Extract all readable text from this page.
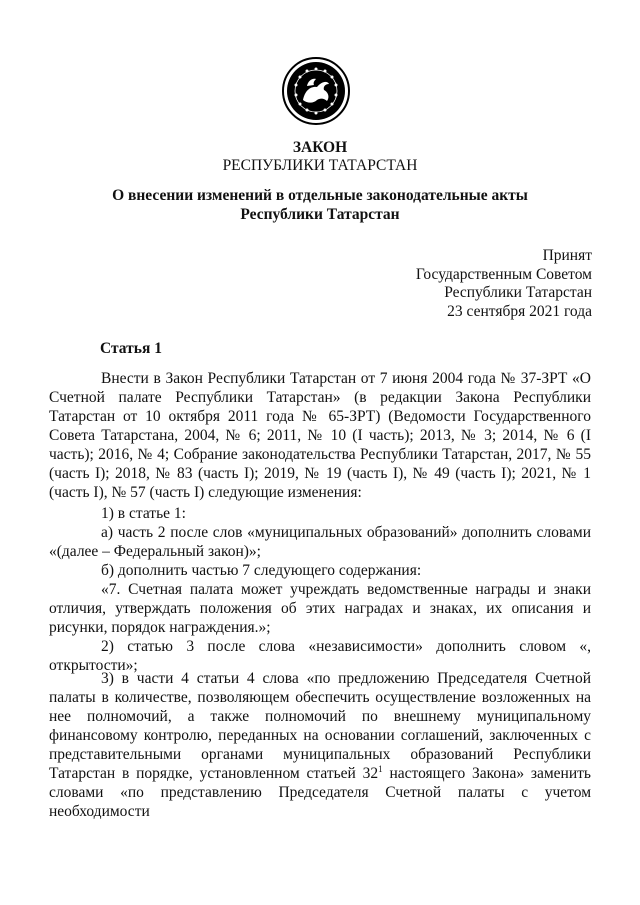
ЗАКОН
РЕСПУБЛИКИ ТАТАРСТАН
О внесении изменений в отдельные законодательные акты
Республики Татарстан
Принят
Государственным Советом
Республики Татарстан
23 сентября 2021 года
Статья 1

Внести в Закон Республики Татарстан от 7 июня 2004 года № 37-ЗРТ «О Счетной палате Республики Татарстан» (в редакции Закона Республики Татарстан от 10 октября 2011 года № 65-ЗРТ) (Ведомости Государственного Совета Татарстана, 2004, № 6; 2011, № 10 (I часть); 2013, № 3; 2014, № 6 (I часть); 2016, № 4; Собрание законодательства Республики Татарстан, 2017, № 55 (часть I); 2018, № 83 (часть I); 2019, № 19 (часть I), № 49 (часть I); 2021, № 1 (часть I), № 57 (часть I) следующие изменения:

1) в статье 1:

а) часть 2 после слов «муниципальных образований» дополнить словами «(далее – Федеральный закон)»;

б) дополнить частью 7 следующего содержания:

«7. Счетная палата может учреждать ведомственные награды и знаки отличия, утверждать положения об этих наградах и знаках, их описания и рисунки, порядок награждения.»;

2) статью 3 после слова «независимости» дополнить словом «, открытости»;

3) в части 4 статьи 4 слова «по предложению Председателя Счетной палаты в количестве, позволяющем обеспечить осуществление возложенных на нее полномочий, а также полномочий по внешнему муниципальному финансовому контролю, переданных на основании соглашений, заключенных с представительными органами муниципальных образований Республики Татарстан в порядке, установленном статьей $32^1$ настоящего Закона» заменить словами «по представлению Председателя Счетной палаты с учетом необходимости
